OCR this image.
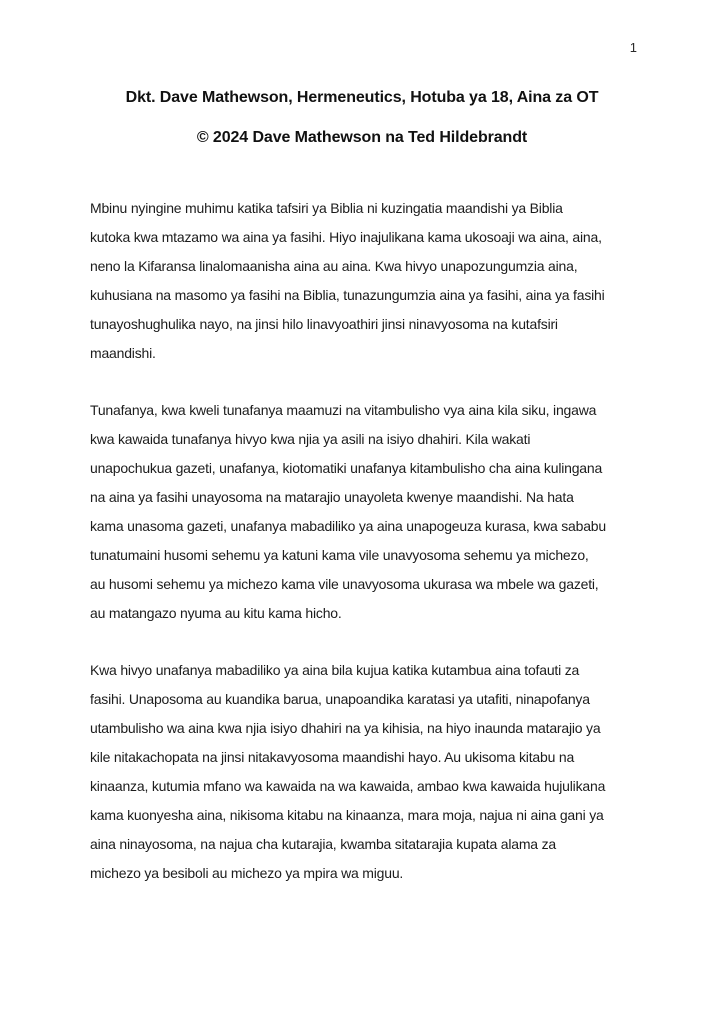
1
Dkt. Dave Mathewson, Hermeneutics, Hotuba ya 18, Aina za OT
© 2024 Dave Mathewson na Ted Hildebrandt
Mbinu nyingine muhimu katika tafsiri ya Biblia ni kuzingatia maandishi ya Biblia
kutoka kwa mtazamo wa aina ya fasihi. Hiyo inajulikana kama ukosoaji wa aina, aina,
neno la Kifaransa linalomaanisha aina au aina. Kwa hivyo unapozungumzia aina,
kuhusiana na masomo ya fasihi na Biblia, tunazungumzia aina ya fasihi, aina ya fasihi
tunayoshughulika nayo, na jinsi hilo linavyoathiri jinsi ninavyosoma na kutafsiri
maandishi.
Tunafanya, kwa kweli tunafanya maamuzi na vitambulisho vya aina kila siku, ingawa
kwa kawaida tunafanya hivyo kwa njia ya asili na isiyo dhahiri. Kila wakati
unapochukua gazeti, unafanya, kiotomatiki unafanya kitambulisho cha aina kulingana
na aina ya fasihi unayosoma na matarajio unayoleta kwenye maandishi. Na hata
kama unasoma gazeti, unafanya mabadiliko ya aina unapogeuza kurasa, kwa sababu
tunatumaini husomi sehemu ya katuni kama vile unavyosoma sehemu ya michezo,
au husomi sehemu ya michezo kama vile unavyosoma ukurasa wa mbele wa gazeti,
au matangazo nyuma au kitu kama hicho.
Kwa hivyo unafanya mabadiliko ya aina bila kujua katika kutambua aina tofauti za
fasihi. Unaposoma au kuandika barua, unapoandika karatasi ya utafiti, ninapofanya
utambulisho wa aina kwa njia isiyo dhahiri na ya kihisia, na hiyo inaunda matarajio ya
kile nitakachopata na jinsi nitakavyosoma maandishi hayo. Au ukisoma kitabu na
kinaanza, kutumia mfano wa kawaida na wa kawaida, ambao kwa kawaida hujulikana
kama kuonyesha aina, nikisoma kitabu na kinaanza, mara moja, najua ni aina gani ya
aina ninayosoma, na najua cha kutarajia, kwamba sitatarajia kupata alama za
michezo ya besiboli au michezo ya mpira wa miguu.
